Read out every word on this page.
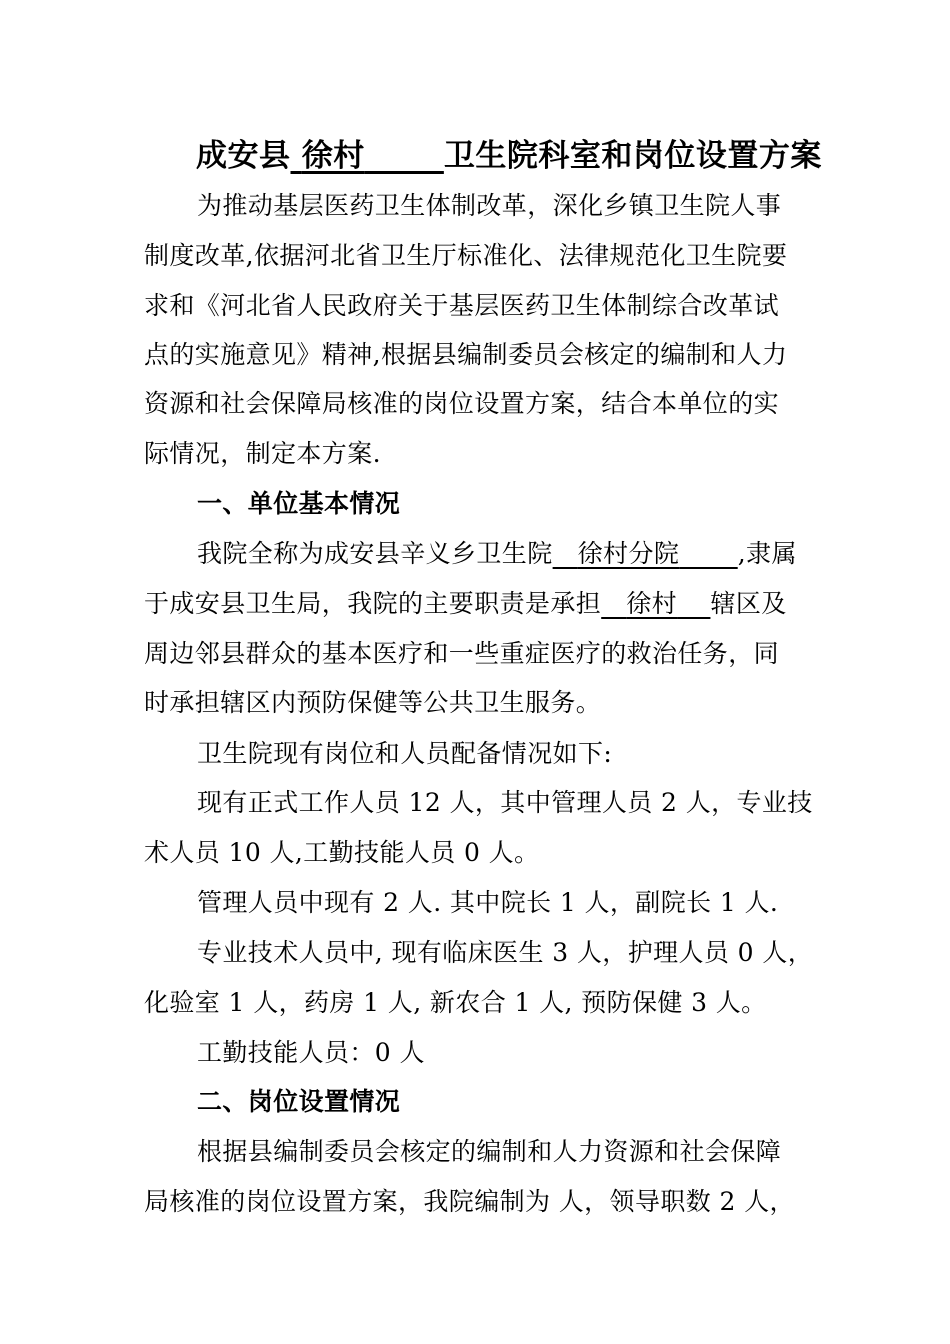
成安县 徐村	卫生院科室和岗位设置方案
为推动基层医药卫生体制改革，深化乡镇卫生院人事
制度改革,依据河北省卫生厅标准化、法律规范化卫生院要
求和《河北省人民政府关于基层医药卫生体制综合改革试
点的实施意见》精神,根据县编制委员会核定的编制和人力
资源和社会保障局核准的岗位设置方案，结合本单位的实
际情况，制定本方案.
一、单位基本情况
我院全称为成安县辛义乡卫生院 徐村分院 ,隶属
于成安县卫生局，我院的主要职责是承担 徐村 辖区及
周边邻县群众的基本医疗和一些重症医疗的救治任务，同
时承担辖区内预防保健等公共卫生服务。
卫生院现有岗位和人员配备情况如下:
现有正式工作人员 12 人，其中管理人员 2 人，专业技
术人员 10 人,工勤技能人员 0 人。
管理人员中现有 2 人. 其中院长 1 人，副院长 1 人.
专业技术人员中, 现有临床医生 3 人，护理人员 0 人，
化验室 1 人，药房 1 人, 新农合 1 人, 预防保健 3 人。
工勤技能人员：0 人
二、岗位设置情况
根据县编制委员会核定的编制和人力资源和社会保障
局核准的岗位设置方案，我院编制为 人，领导职数 2 人，
